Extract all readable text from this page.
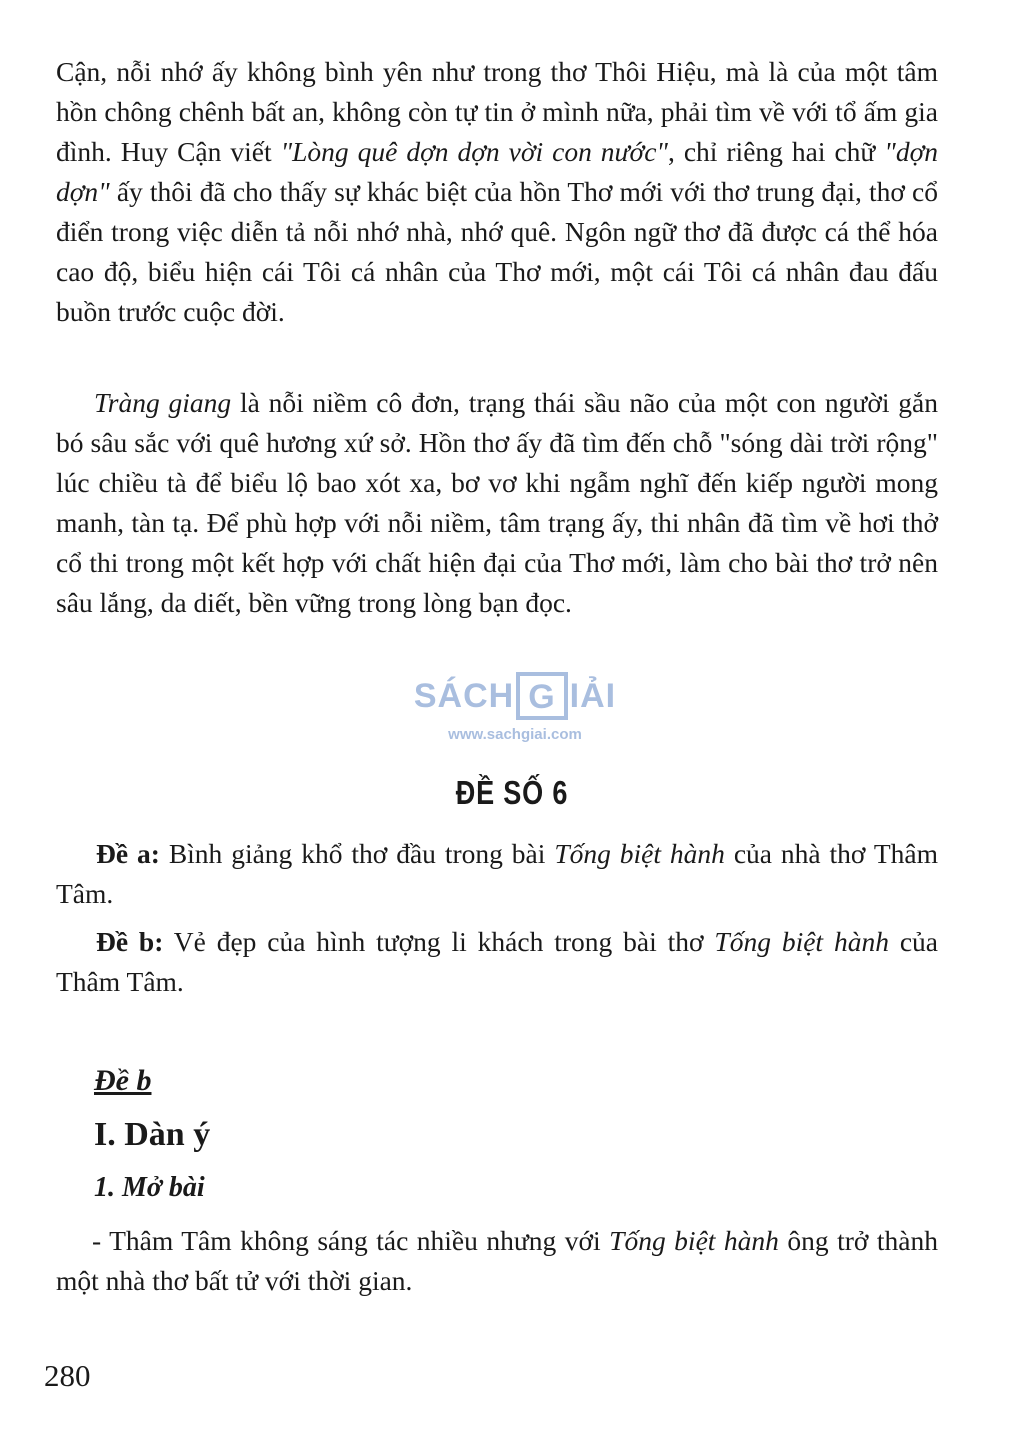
Cận, nỗi nhớ ấy không bình yên như trong thơ Thôi Hiệu, mà là của một tâm hồn chông chênh bất an, không còn tự tin ở mình nữa, phải tìm về với tổ ấm gia đình. Huy Cận viết "Lòng quê dợn dợn vời con nước", chỉ riêng hai chữ "dợn dợn" ấy thôi đã cho thấy sự khác biệt của hồn Thơ mới với thơ trung đại, thơ cổ điển trong việc diễn tả nỗi nhớ nhà, nhớ quê. Ngôn ngữ thơ đã được cá thể hóa cao độ, biểu hiện cái Tôi cá nhân của Thơ mới, một cái Tôi cá nhân đau đấu buồn trước cuộc đời.

Tràng giang là nỗi niềm cô đơn, trạng thái sầu não của một con người gắn bó sâu sắc với quê hương xứ sở. Hồn thơ ấy đã tìm đến chỗ "sóng dài trời rộng" lúc chiều tà để biểu lộ bao xót xa, bơ vơ khi ngẫm nghĩ đến kiếp người mong manh, tàn tạ. Để phù hợp với nỗi niềm, tâm trạng ấy, thi nhân đã tìm về hơi thở cổ thi trong một kết hợp với chất hiện đại của Thơ mới, làm cho bài thơ trở nên sâu lắng, da diết, bền vững trong lòng bạn đọc.

SÁCH G IẢI
www.sachgiai.com
ĐỀ SỐ 6

Đề a: Bình giảng khổ thơ đầu trong bài Tống biệt hành của nhà thơ Thâm Tâm.

Đề b: Vẻ đẹp của hình tượng li khách trong bài thơ Tống biệt hành của Thâm Tâm.

Đề b
I. Dàn ý
1. Mở bài

- Thâm Tâm không sáng tác nhiều nhưng với Tống biệt hành ông trở thành một nhà thơ bất tử với thời gian.

280
